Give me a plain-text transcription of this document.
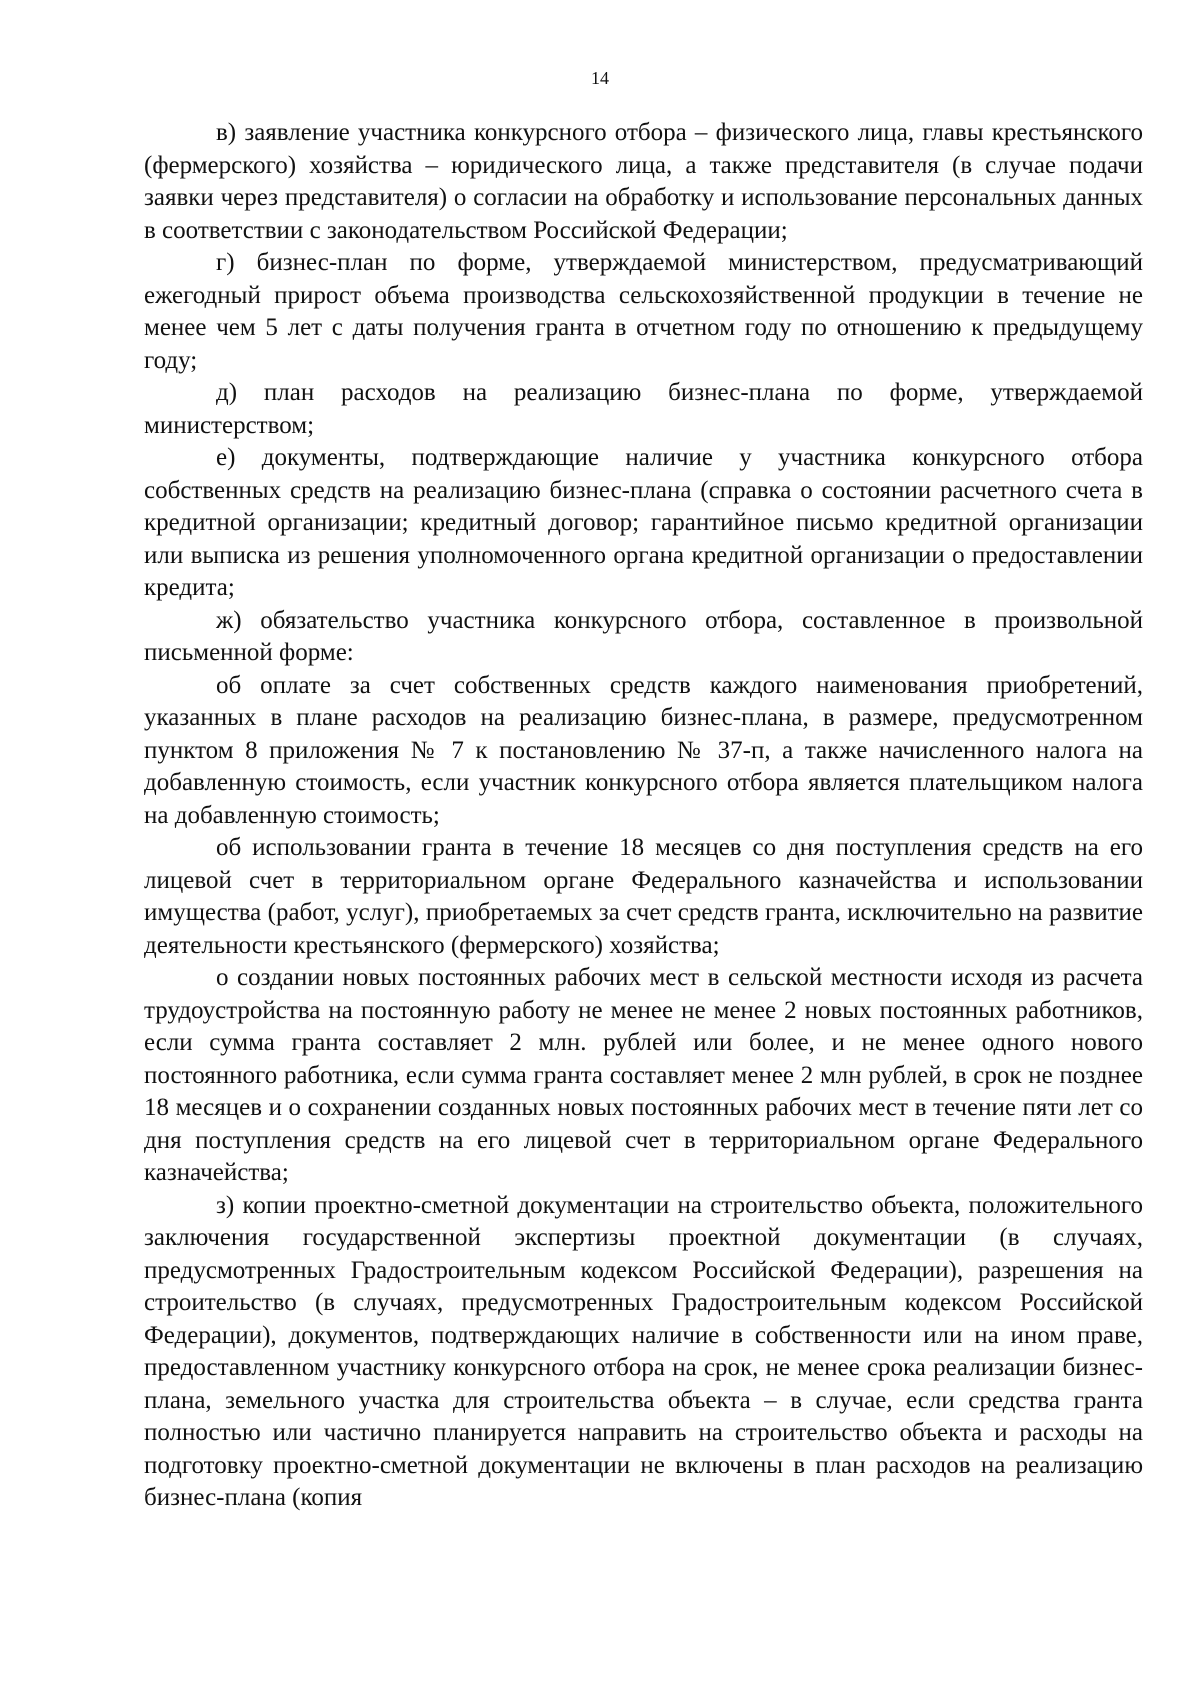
14

в) заявление участника конкурсного отбора – физического лица, главы крестьянского (фермерского) хозяйства – юридического лица, а также представителя (в случае подачи заявки через представителя) о согласии на обработку и использование персональных данных в соответствии с законодательством Российской Федерации;

г) бизнес-план по форме, утверждаемой министерством, предусматривающий ежегодный прирост объема производства сельскохозяйственной продукции в течение не менее чем 5 лет с даты получения гранта в отчетном году по отношению к предыдущему году;

д) план расходов на реализацию бизнес-плана по форме, утверждаемой министерством;

е) документы, подтверждающие наличие у участника конкурсного отбора собственных средств на реализацию бизнес-плана (справка о состоянии расчетного счета в кредитной организации; кредитный договор; гарантийное письмо кредитной организации или выписка из решения уполномоченного органа кредитной организации о предоставлении кредита;

ж) обязательство участника конкурсного отбора, составленное в произвольной письменной форме:

об оплате за счет собственных средств каждого наименования приобретений, указанных в плане расходов на реализацию бизнес-плана, в размере, предусмотренном пунктом 8 приложения № 7 к постановлению № 37-п, а также начисленного налога на добавленную стоимость, если участник конкурсного отбора является плательщиком налога на добавленную стоимость;

об использовании гранта в течение 18 месяцев со дня поступления средств на его лицевой счет в территориальном органе Федерального казначейства и использовании имущества (работ, услуг), приобретаемых за счет средств гранта, исключительно на развитие деятельности крестьянского (фермерского) хозяйства;

о создании новых постоянных рабочих мест в сельской местности исходя из расчета трудоустройства на постоянную работу не менее не менее 2 новых постоянных работников, если сумма гранта составляет 2 млн. рублей или более, и не менее одного нового постоянного работника, если сумма гранта составляет менее 2 млн рублей, в срок не позднее 18 месяцев и о сохранении созданных новых постоянных рабочих мест в течение пяти лет со дня поступления средств на его лицевой счет в территориальном органе Федерального казначейства;

з) копии проектно-сметной документации на строительство объекта, положительного заключения государственной экспертизы проектной документации (в случаях, предусмотренных Градостроительным кодексом Российской Федерации), разрешения на строительство (в случаях, предусмотренных Градостроительным кодексом Российской Федерации), документов, подтверждающих наличие в собственности или на ином праве, предоставленном участнику конкурсного отбора на срок, не менее срока реализации бизнес-плана, земельного участка для строительства объекта – в случае, если средства гранта полностью или частично планируется направить на строительство объекта и расходы на подготовку проектно-сметной документации не включены в план расходов на реализацию бизнес-плана (копия
